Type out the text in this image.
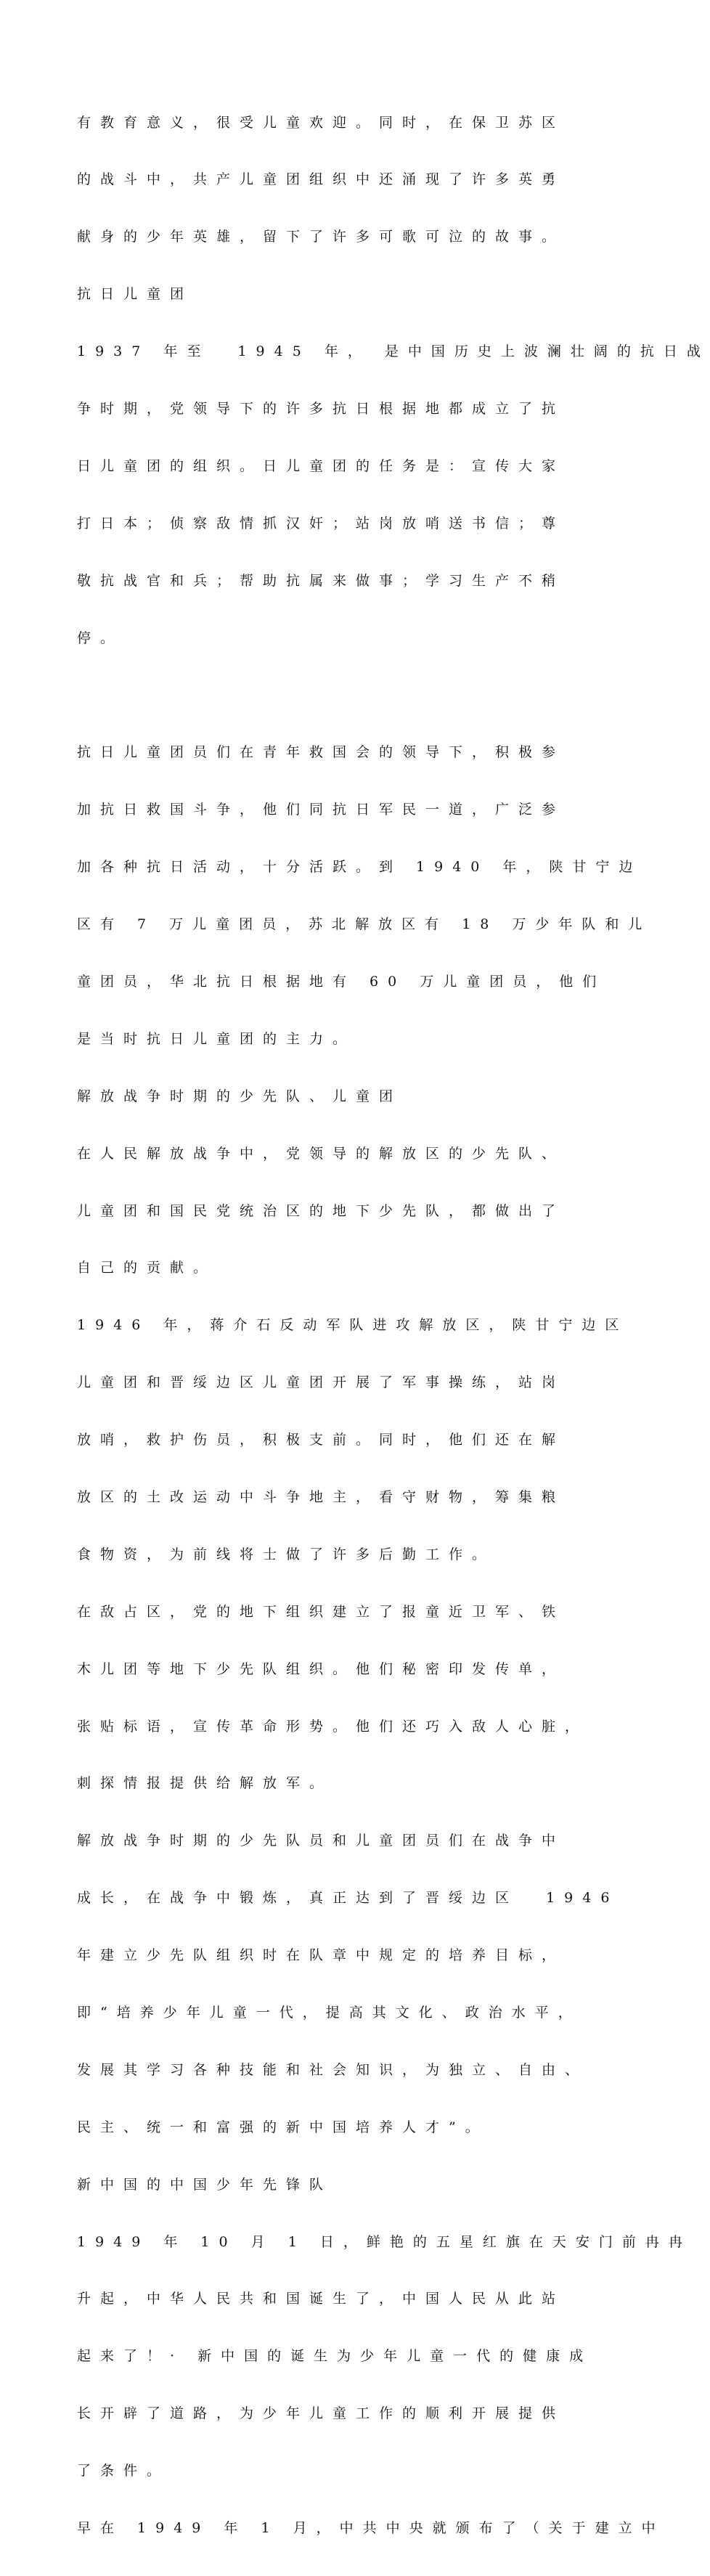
有教育意义，很受儿童欢迎。同时，在保卫苏区

的战斗中，共产儿童团组织中还涌现了许多英勇

献身的少年英雄，留下了许多可歌可泣的故事。

抗日儿童团

1937 年至  1945 年， 是中国历史上波澜壮阔的抗日战

争时期，党领导下的许多抗日根据地都成立了抗

日儿童团的组织。日儿童团的任务是：宣传大家

打日本；侦察敌情抓汉奸；站岗放哨送书信；尊

敬抗战官和兵；帮助抗属来做事；学习生产不稍

停。

抗日儿童团员们在青年救国会的领导下，积极参

加抗日救国斗争，他们同抗日军民一道，广泛参

加各种抗日活动，十分活跃。到 1940 年，陕甘宁边

区有 7 万儿童团员，苏北解放区有 18 万少年队和儿

童团员，华北抗日根据地有 60 万儿童团员，他们

是当时抗日儿童团的主力。

解放战争时期的少先队、儿童团

在人民解放战争中，党领导的解放区的少先队、

儿童团和国民党统治区的地下少先队，都做出了

自己的贡献。

1946 年，蒋介石反动军队进攻解放区，陕甘宁边区

儿童团和晋绥边区儿童团开展了军事操练，站岗

放哨，救护伤员，积极支前。同时，他们还在解

放区的土改运动中斗争地主，看守财物，筹集粮

食物资，为前线将士做了许多后勤工作。

在敌占区，党的地下组织建立了报童近卫军、铁

木儿团等地下少先队组织。他们秘密印发传单，

张贴标语，宣传革命形势。他们还巧入敌人心脏，

刺探情报提供给解放军。

解放战争时期的少先队员和儿童团员们在战争中

成长，在战争中锻炼，真正达到了晋绥边区  1946

年建立少先队组织时在队章中规定的培养目标，

即“培养少年儿童一代，提高其文化、政治水平，

发展其学习各种技能和社会知识，为独立、自由、

民主、统一和富强的新中国培养人才”。

新中国的中国少年先锋队

1949 年 10 月 1 日，鲜艳的五星红旗在天安门前冉冉

升起，中华人民共和国诞生了，中国人民从此站

起来了！· 新中国的诞生为少年儿童一代的健康成

长开辟了道路，为少年儿童工作的顺利开展提供

了条件。

早在 1949 年 1 月，中共中央就颁布了（关于建立中
